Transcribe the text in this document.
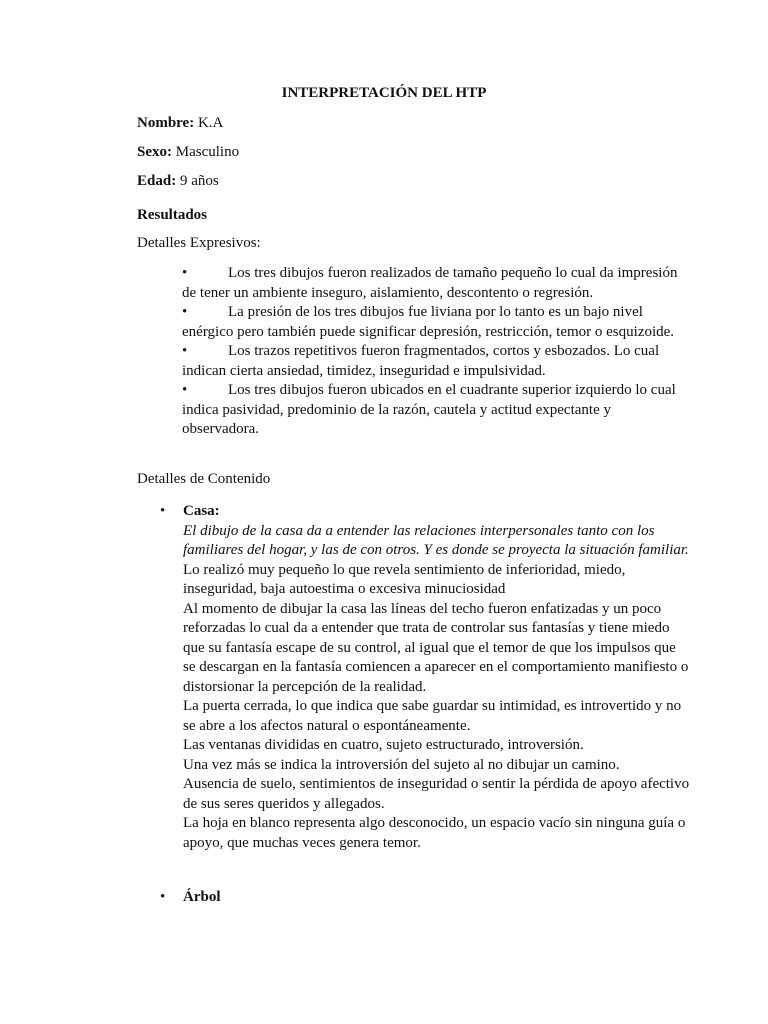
INTERPRETACIÓN DEL HTP
Nombre: K.A
Sexo: Masculino
Edad: 9 años
Resultados
Detalles Expresivos:
•	Los tres dibujos fueron realizados de tamaño pequeño lo cual da impresión de tener un ambiente inseguro, aislamiento, descontento o regresión.

•	La presión de los tres dibujos fue liviana por lo tanto es un bajo nivel enérgico pero también puede significar depresión, restricción, temor o esquizoide.

•	Los trazos repetitivos fueron fragmentados, cortos y esbozados. Lo cual indican cierta ansiedad, timidez, inseguridad e impulsividad.

•	Los tres dibujos fueron ubicados en el cuadrante superior izquierdo lo cual indica pasividad, predominio de la razón, cautela y actitud expectante y observadora.

Detalles de Contenido
• Casa:

El dibujo de la casa da a entender las relaciones interpersonales tanto con los familiares del hogar, y las de con otros. Y es donde se proyecta la situación familiar.

Lo realizó muy pequeño lo que revela sentimiento de inferioridad, miedo, inseguridad, baja autoestima o excesiva minuciosidad

Al momento de dibujar la casa las líneas del techo fueron enfatizadas y un poco reforzadas lo cual da a entender que trata de controlar sus fantasías y tiene miedo que su fantasía escape de su control, al igual que el temor de que los impulsos que se descargan en la fantasía comiencen a aparecer en el comportamiento manifiesto o distorsionar la percepción de la realidad.

La puerta cerrada, lo que indica que sabe guardar su intimidad, es introvertido y no se abre a los afectos natural o espontáneamente.

Las ventanas divididas en cuatro, sujeto estructurado, introversión.

Una vez más se indica la introversión del sujeto al no dibujar un camino.

Ausencia de suelo, sentimientos de inseguridad o sentir la pérdida de apoyo afectivo de sus seres queridos y allegados.

La hoja en blanco representa algo desconocido, un espacio vacío sin ninguna guía o apoyo, que muchas veces genera temor.

• Árbol
